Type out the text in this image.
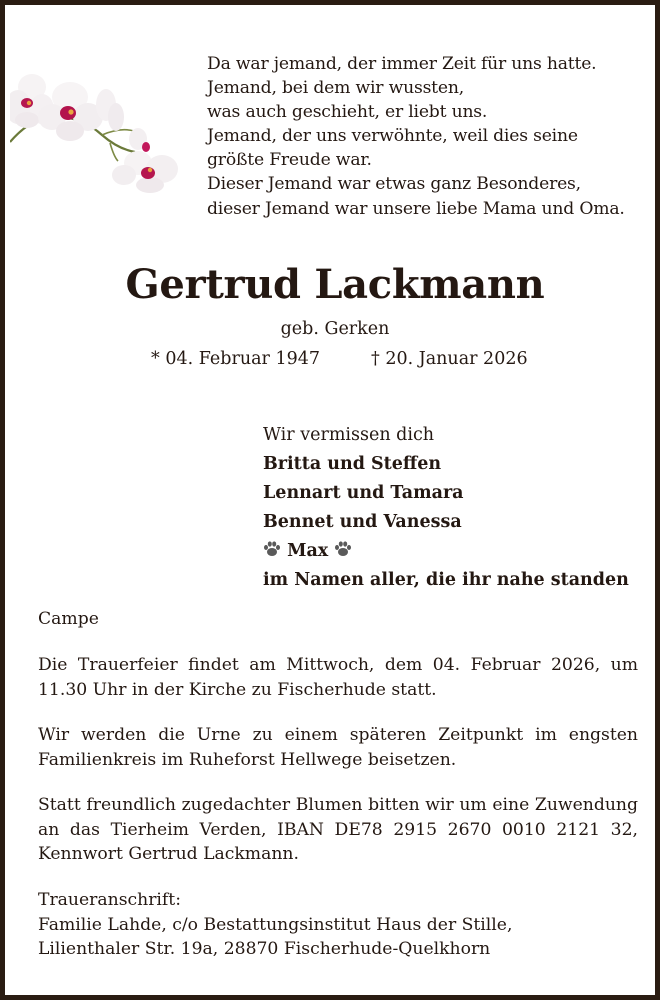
Da war jemand, der immer Zeit für uns hatte.
Jemand, bei dem wir wussten,
was auch geschieht, er liebt uns.
Jemand, der uns verwöhnte, weil dies seine
größte Freude war.
Dieser Jemand war etwas ganz Besonderes,
dieser Jemand war unsere liebe Mama und Oma.
Gertrud Lackmann
geb. Gerken
* 04. Februar 1947	† 20. Januar 2026
Wir vermissen dich
Britta und Steffen
Lennart und Tamara
Bennet und Vanessa
Max
im Namen aller, die ihr nahe standen
Campe
Die Trauerfeier findet am Mittwoch, dem 04. Februar 2026, um 11.30 Uhr in der Kirche zu Fischerhude statt.
Wir werden die Urne zu einem späteren Zeitpunkt im engsten Familienkreis im Ruheforst Hellwege beisetzen.
Statt freundlich zugedachter Blumen bitten wir um eine Zuwendung an das Tierheim Verden, IBAN DE78 2915 2670 0010 2121 32, Kennwort Gertrud Lackmann.
Traueranschrift:
Familie Lahde, c/o Bestattungsinstitut Haus der Stille,
Lilienthaler Str. 19a, 28870 Fischerhude-Quelkhorn
